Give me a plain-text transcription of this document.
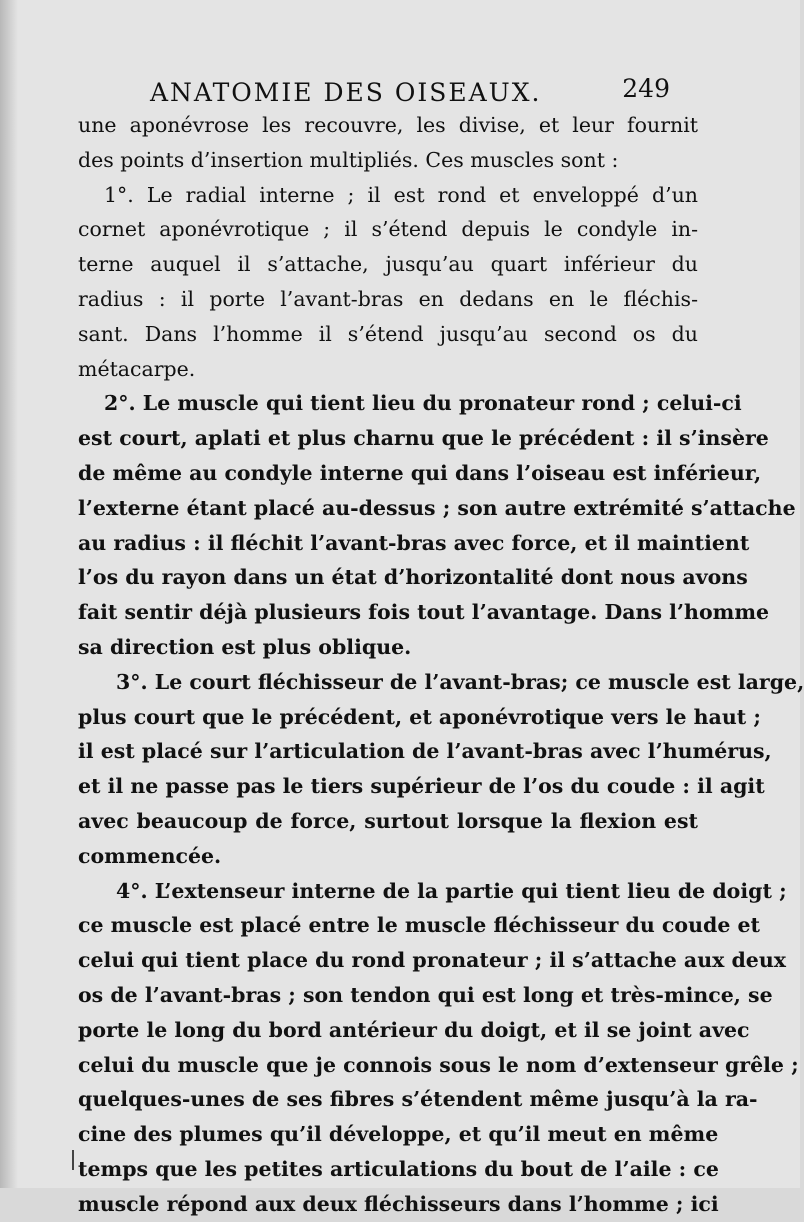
ANATOMIE DES OISEAUX.	249
une aponévrose les recouvre, les divise, et leur fournit
des points d’insertion multipliés. Ces muscles sont :
1°. Le radial interne ; il est rond et enveloppé d’un
cornet aponévrotique ; il s’étend depuis le condyle in-
terne auquel il s’attache, jusqu’au quart inférieur du
radius : il porte l’avant-bras en dedans en le fléchis-
sant. Dans l’homme il s’étend jusqu’au second os du
métacarpe.
2°. Le muscle qui tient lieu du pronateur rond ; celui-ci
est court, aplati et plus charnu que le précédent : il s’insère
de même au condyle interne qui dans l’oiseau est inférieur,
l’externe étant placé au-dessus ; son autre extrémité s’attache
au radius : il fléchit l’avant-bras avec force, et il maintient
l’os du rayon dans un état d’horizontalité dont nous avons
fait sentir déjà plusieurs fois tout l’avantage. Dans l’homme
sa direction est plus oblique.
3°. Le court fléchisseur de l’avant-bras; ce muscle est large,
plus court que le précédent, et aponévrotique vers le haut ;
il est placé sur l’articulation de l’avant-bras avec l’humérus,
et il ne passe pas le tiers supérieur de l’os du coude : il agit
avec beaucoup de force, surtout lorsque la flexion est
commencée.
4°. L’extenseur interne de la partie qui tient lieu de doigt ;
ce muscle est placé entre le muscle fléchisseur du coude et
celui qui tient place du rond pronateur ; il s’attache aux deux
os de l’avant-bras ; son tendon qui est long et très-mince, se
porte le long du bord antérieur du doigt, et il se joint avec
celui du muscle que je connois sous le nom d’extenseur grêle ;
quelques-unes de ses fibres s’étendent même jusqu’à la ra-
cine des plumes qu’il développe, et qu’il meut en même
temps que les petites articulations du bout de l’aile : ce
muscle répond aux deux fléchisseurs dans l’homme ; ici
